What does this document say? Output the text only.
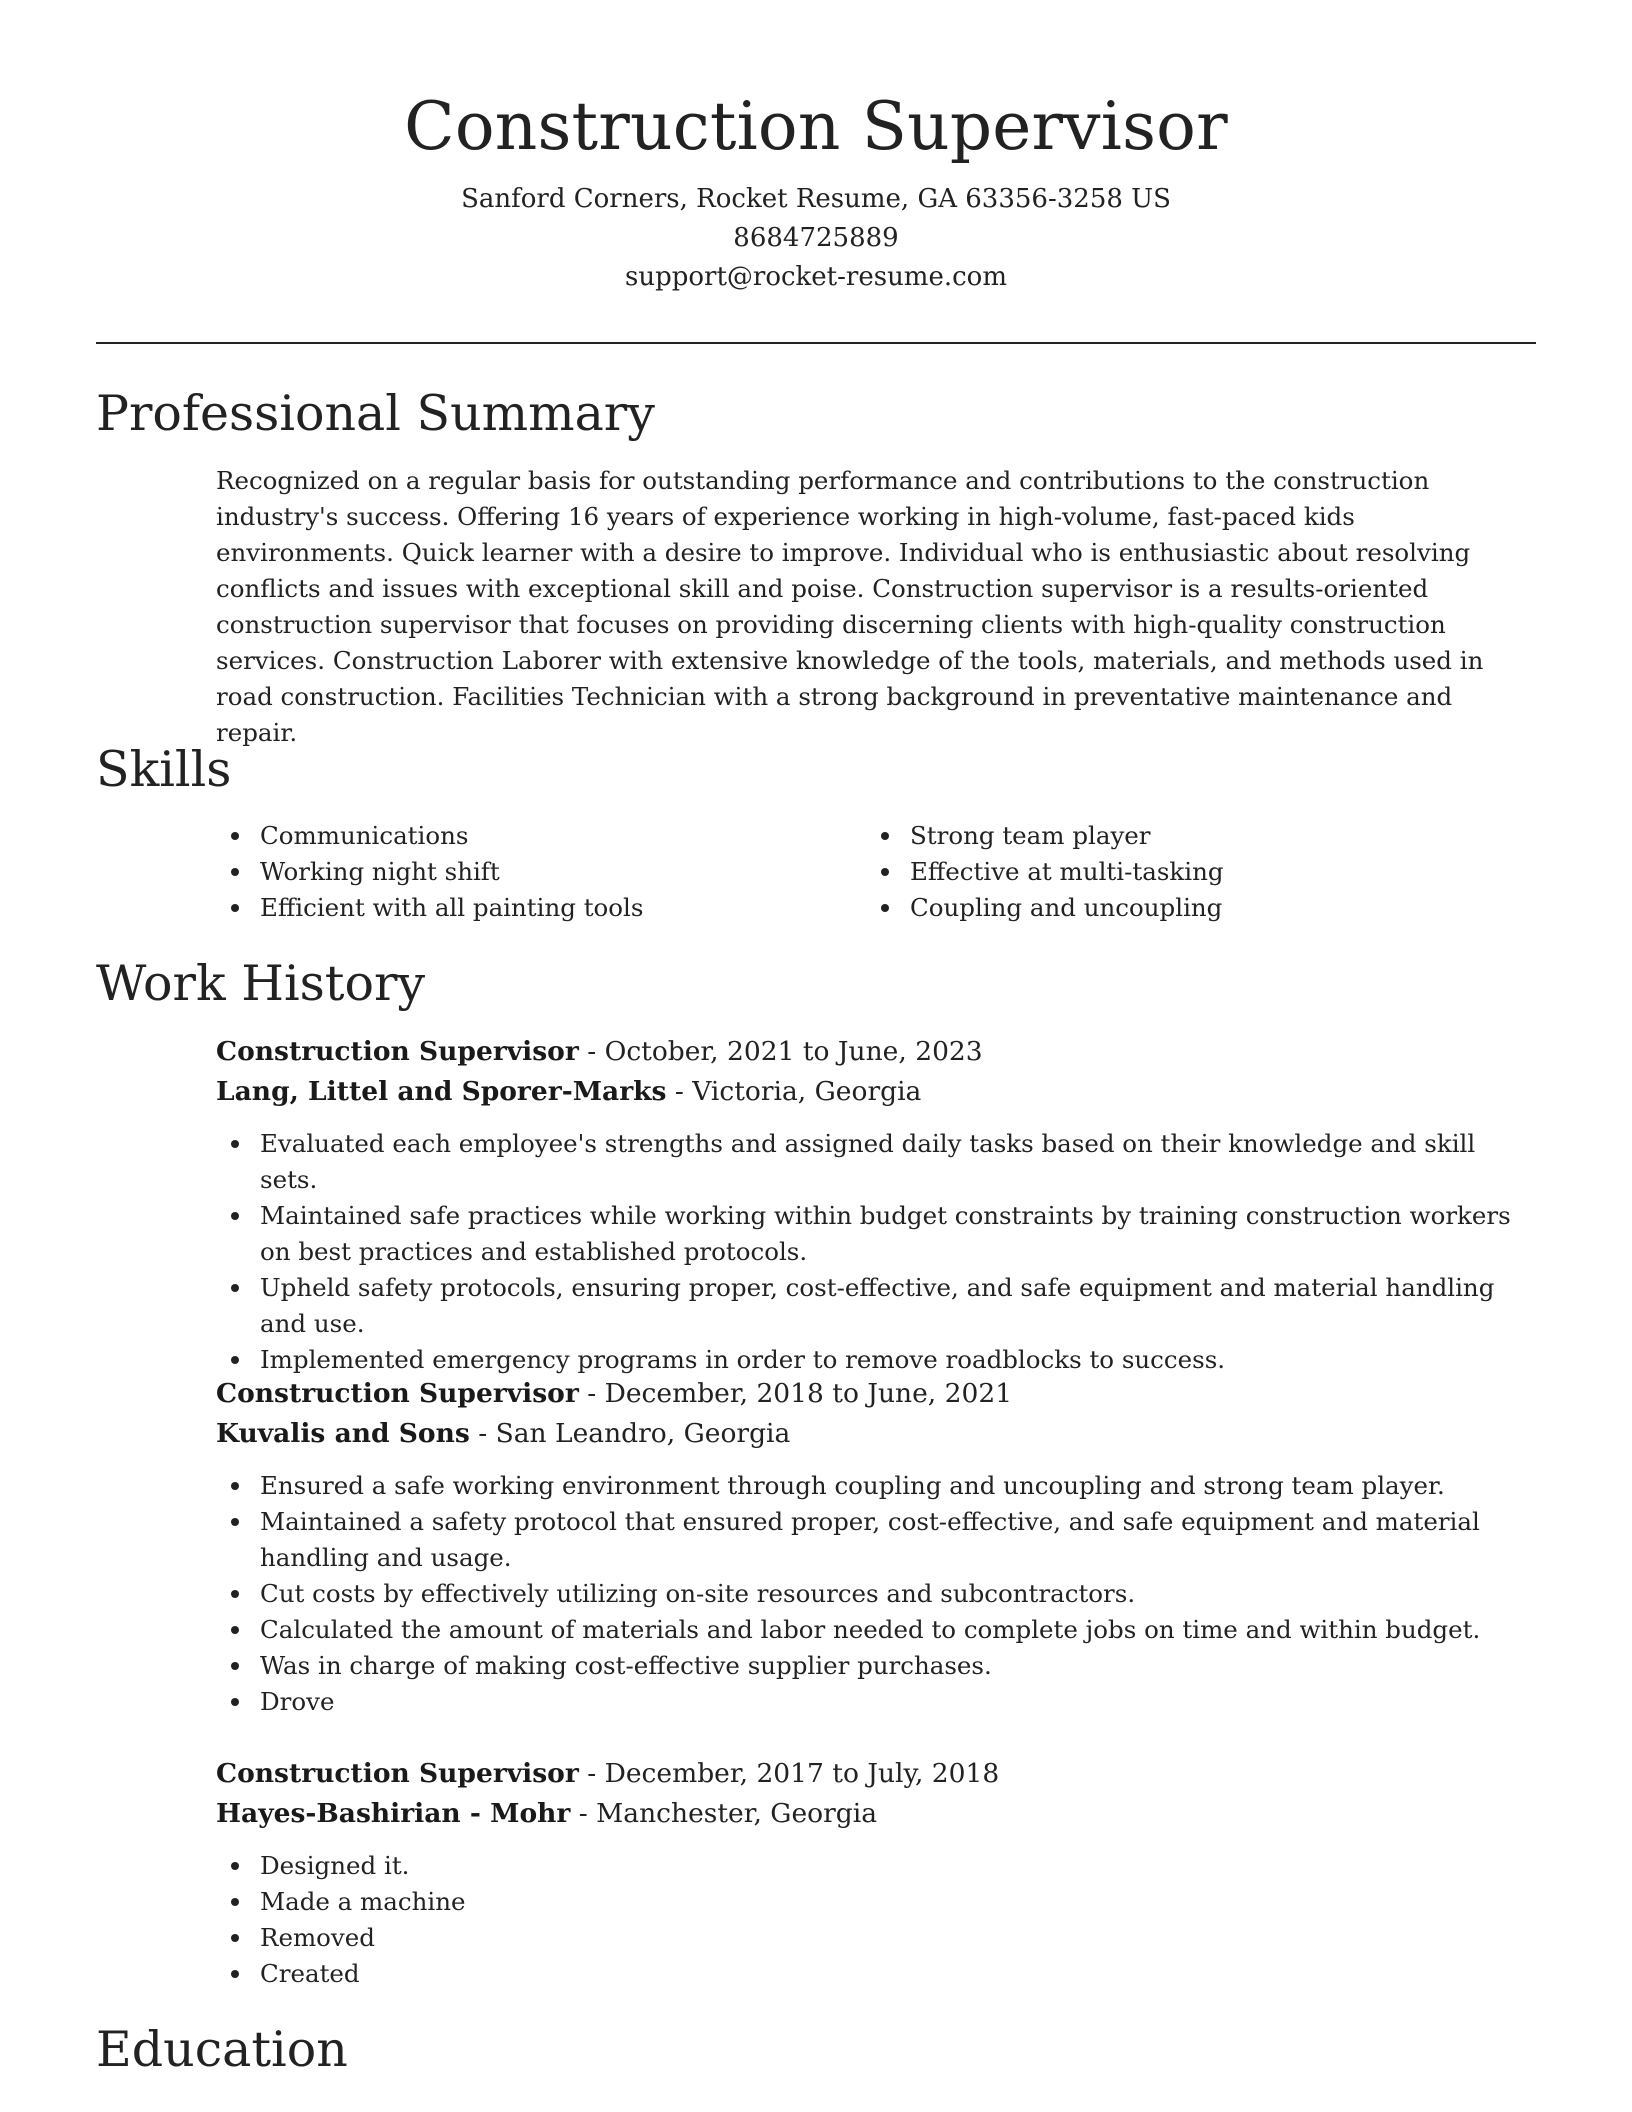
Construction Supervisor
Sanford Corners, Rocket Resume, GA 63356-3258 US
8684725889
support@rocket-resume.com
Professional Summary

Recognized on a regular basis for outstanding performance and contributions to the construction industry's success. Offering 16 years of experience working in high-volume, fast-paced kids environments. Quick learner with a desire to improve. Individual who is enthusiastic about resolving conflicts and issues with exceptional skill and poise. Construction supervisor is a results-oriented construction supervisor that focuses on providing discerning clients with high-quality construction services. Construction Laborer with extensive knowledge of the tools, materials, and methods used in road construction. Facilities Technician with a strong background in preventative maintenance and repair.

Skills
Communications
Working night shift
Efficient with all painting tools
Strong team player
Effective at multi-tasking
Coupling and uncoupling
Work History
Construction Supervisor - October, 2021 to June, 2023
Lang, Littel and Sporer-Marks - Victoria, Georgia
Evaluated each employee's strengths and assigned daily tasks based on their knowledge and skill sets.
Maintained safe practices while working within budget constraints by training construction workers on best practices and established protocols.
Upheld safety protocols, ensuring proper, cost-effective, and safe equipment and material handling and use.
Implemented emergency programs in order to remove roadblocks to success.
Construction Supervisor - December, 2018 to June, 2021
Kuvalis and Sons - San Leandro, Georgia
Ensured a safe working environment through coupling and uncoupling and strong team player.
Maintained a safety protocol that ensured proper, cost-effective, and safe equipment and material handling and usage.
Cut costs by effectively utilizing on-site resources and subcontractors.
Calculated the amount of materials and labor needed to complete jobs on time and within budget.
Was in charge of making cost-effective supplier purchases.
Drove
Construction Supervisor - December, 2017 to July, 2018
Hayes-Bashirian - Mohr - Manchester, Georgia
Designed it.
Made a machine
Removed
Created
Education
